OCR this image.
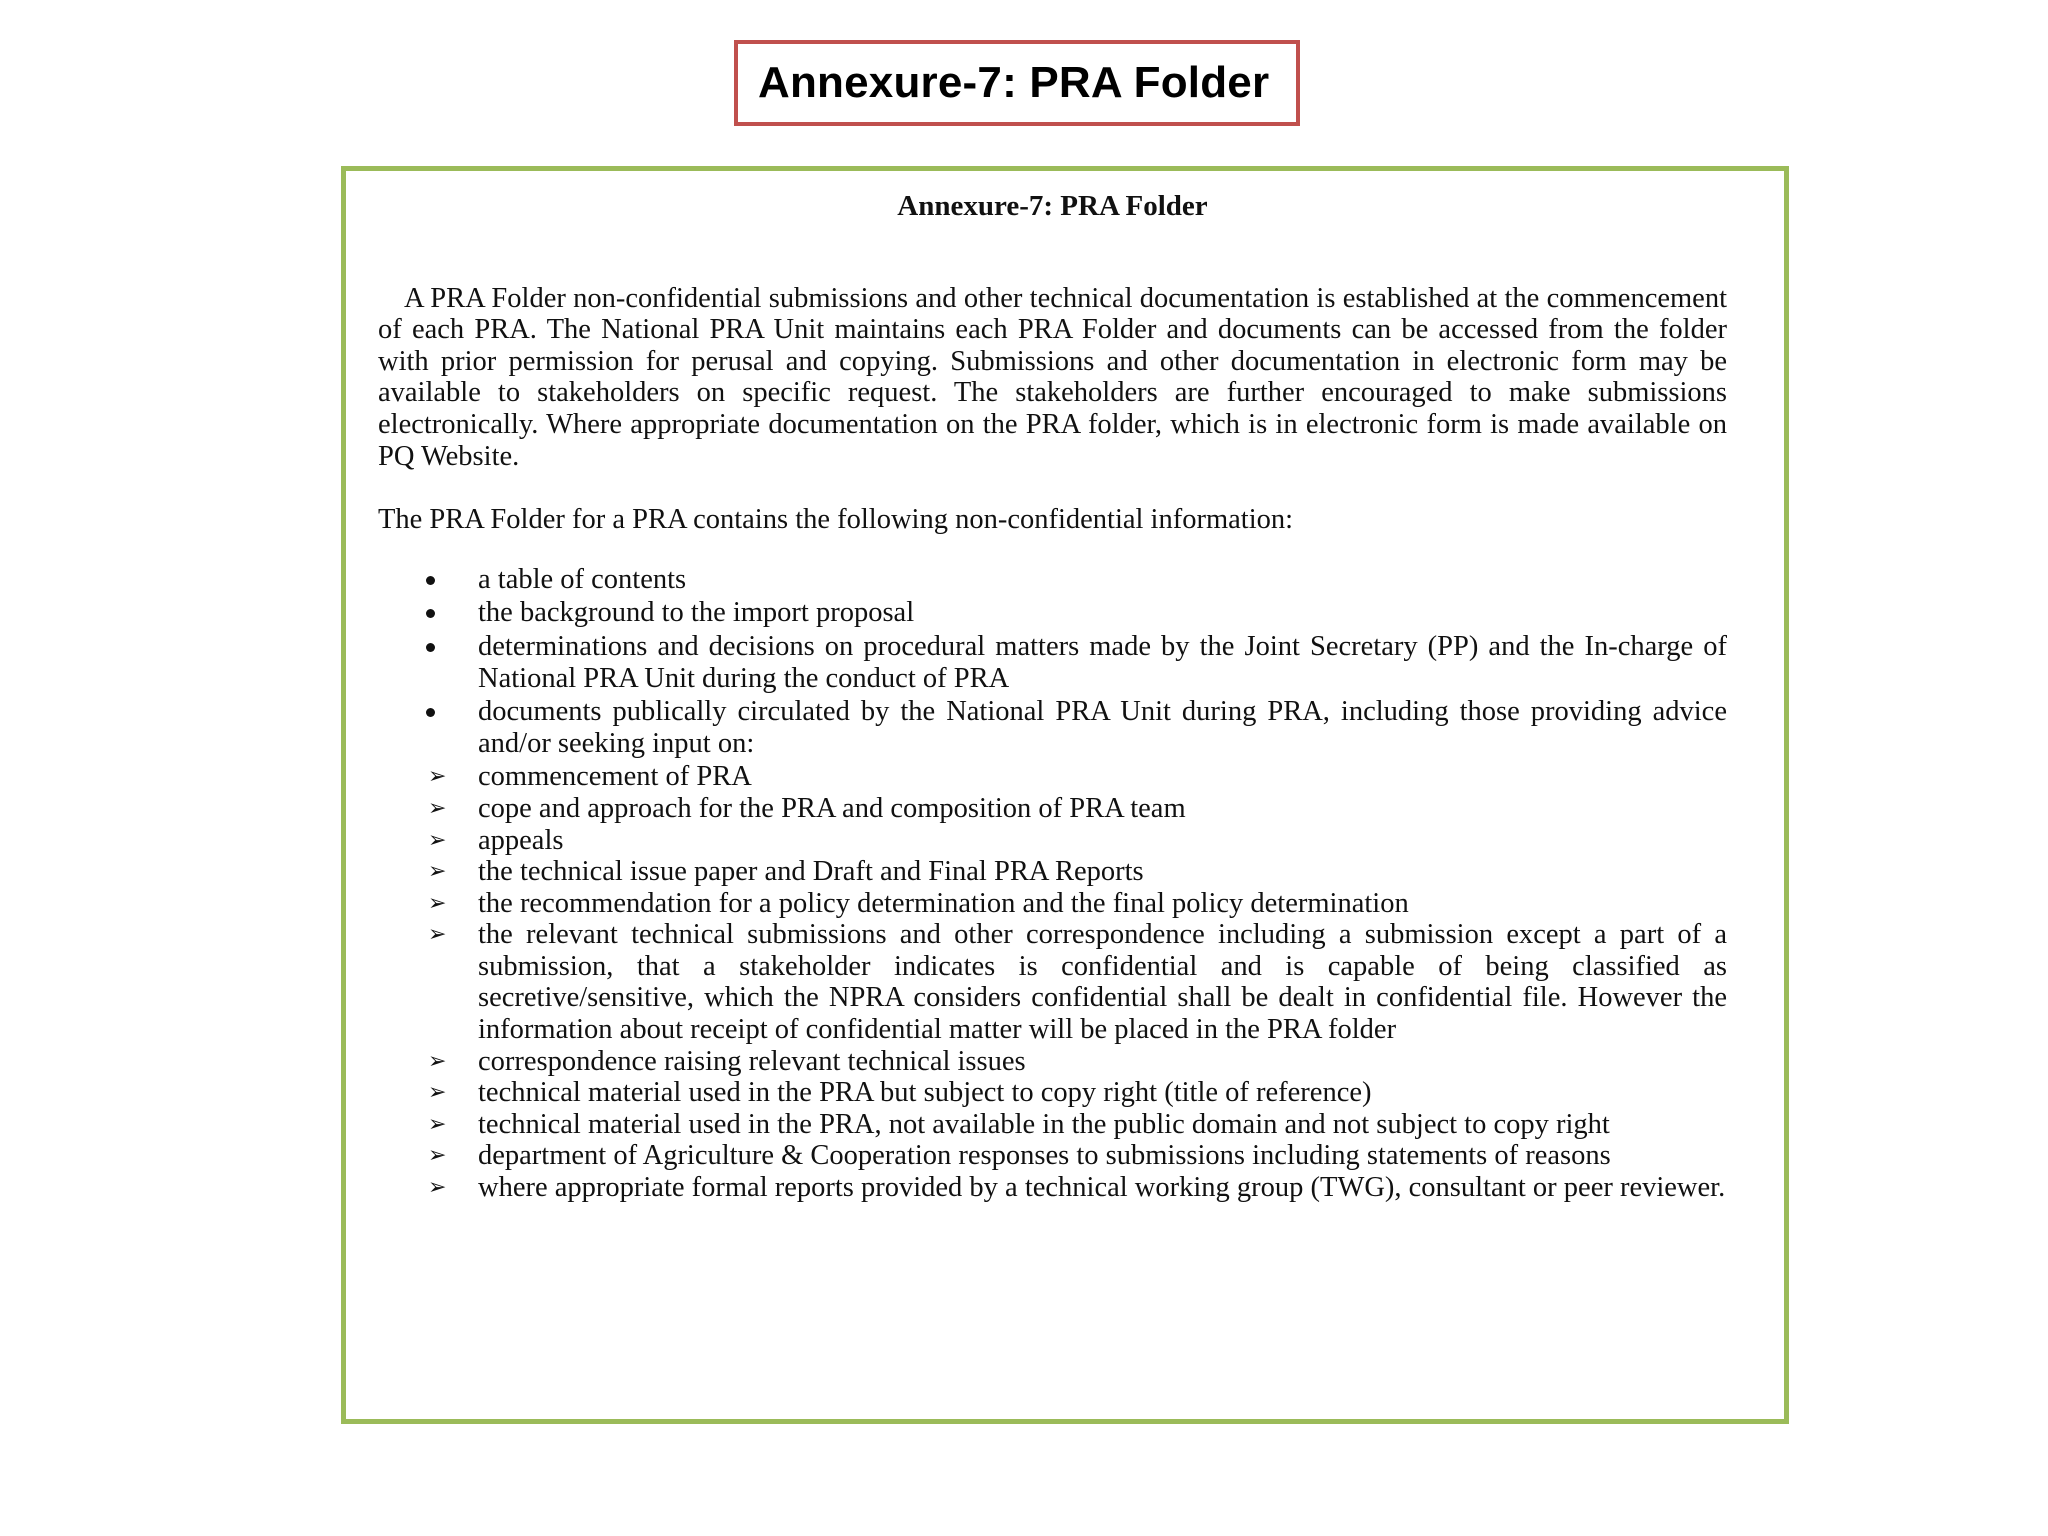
Annexure-7: PRA Folder
Annexure-7: PRA Folder

A PRA Folder non-confidential submissions and other technical documentation is established at the commencement of each PRA. The National PRA Unit maintains each PRA Folder and documents can be accessed from the folder with prior permission for perusal and copying. Submissions and other documentation in electronic form may be available to stakeholders on specific request. The stakeholders are further encouraged to make submissions electronically. Where appropriate documentation on the PRA folder, which is in electronic form is made available on PQ Website.

The PRA Folder for a PRA contains the following non-confidential information:

a table of contents
the background to the import proposal
determinations and decisions on procedural matters made by the Joint Secretary (PP) and the In-charge of National PRA Unit during the conduct of PRA
documents publically circulated by the National PRA Unit during PRA, including those providing advice and/or seeking input on:
➢ commencement of PRA
➢ cope and approach for the PRA and composition of PRA team
➢ appeals
➢ the technical issue paper and Draft and Final PRA Reports
➢ the recommendation for a policy determination and the final policy determination
➢ the relevant technical submissions and other correspondence including a submission except a part of a submission, that a stakeholder indicates is confidential and is capable of being classified as secretive/sensitive, which the NPRA considers confidential shall be dealt in confidential file. However the information about receipt of confidential matter will be placed in the PRA folder
➢ correspondence raising relevant technical issues
➢ technical material used in the PRA but subject to copy right (title of reference)
➢ technical material used in the PRA, not available in the public domain and not subject to copy right
➢ department of Agriculture & Cooperation responses to submissions including statements of reasons
➢ where appropriate formal reports provided by a technical working group (TWG), consultant or peer reviewer.
